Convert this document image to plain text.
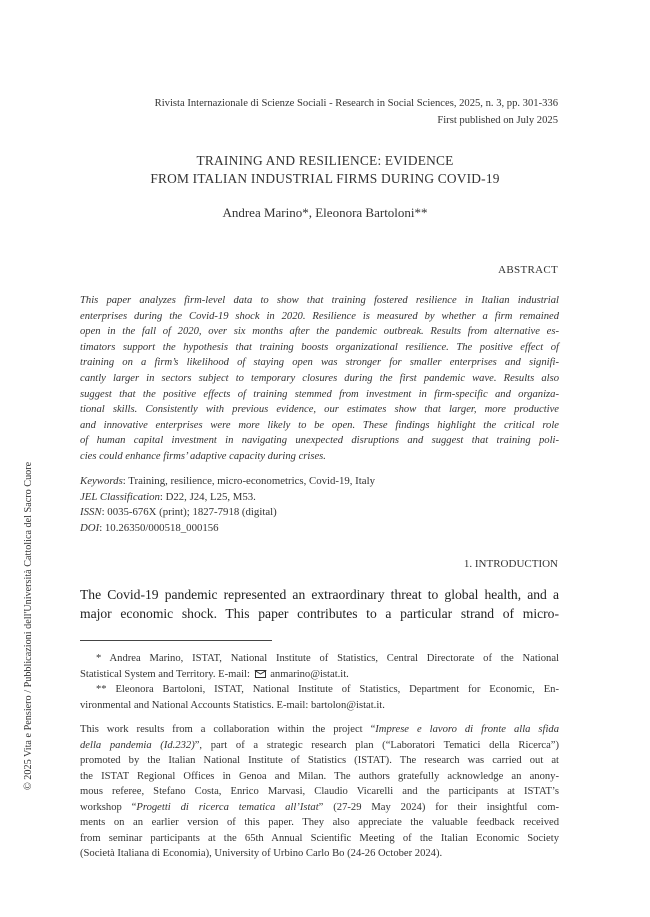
© 2025 Vita e Pensiero / Pubblicazioni dell'Università Cattolica del Sacro Cuore
Rivista Internazionale di Scienze Sociali - Research in Social Sciences, 2025, n. 3, pp. 301-336
First published on July 2025
TRAINING AND RESILIENCE: EVIDENCE
FROM ITALIAN INDUSTRIAL FIRMS DURING COVID-19
Andrea Marino*, Eleonora Bartoloni**
ABSTRACT
This paper analyzes firm-level data to show that training fostered resilience in Italian industrial
enterprises during the Covid-19 shock in 2020. Resilience is measured by whether a firm remained
open in the fall of 2020, over six months after the pandemic outbreak. Results from alternative es-
timators support the hypothesis that training boosts organizational resilience. The positive effect of
training on a firm’s likelihood of staying open was stronger for smaller enterprises and signifi-
cantly larger in sectors subject to temporary closures during the first pandemic wave. Results also
suggest that the positive effects of training stemmed from investment in firm-specific and organiza-
tional skills. Consistently with previous evidence, our estimates show that larger, more productive
and innovative enterprises were more likely to be open. These findings highlight the critical role
of human capital investment in navigating unexpected disruptions and suggest that training poli-
cies could enhance firms’ adaptive capacity during crises.
Keywords: Training, resilience, micro-econometrics, Covid-19, Italy
JEL Classification: D22, J24, L25, M53.
ISSN: 0035-676X (print); 1827-7918 (digital)
DOI: 10.26350/000518_000156
1. INTRODUCTION
The Covid-19 pandemic represented an extraordinary threat to global health, and a
major economic shock. This paper contributes to a particular strand of micro-
* Andrea Marino, ISTAT, National Institute of Statistics, Central Directorate of the National
Statistical System and Territory. E-mail: anmarino@istat.it.
** Eleonora Bartoloni, ISTAT, National Institute of Statistics, Department for Economic, En-
vironmental and National Accounts Statistics. E-mail: bartolon@istat.it.
This work results from a collaboration within the project “Imprese e lavoro di fronte alla sfida
della pandemia (Id.232)”, part of a strategic research plan (“Laboratori Tematici della Ricerca”)
promoted by the Italian National Institute of Statistics (ISTAT). The research was carried out at
the ISTAT Regional Offices in Genoa and Milan. The authors gratefully acknowledge an anony-
mous referee, Stefano Costa, Enrico Marvasi, Claudio Vicarelli and the participants at ISTAT’s
workshop “Progetti di ricerca tematica all’Istat” (27-29 May 2024) for their insightful com-
ments on an earlier version of this paper. They also appreciate the valuable feedback received
from seminar participants at the 65th Annual Scientific Meeting of the Italian Economic Society
(Società Italiana di Economia), University of Urbino Carlo Bo (24-26 October 2024).
